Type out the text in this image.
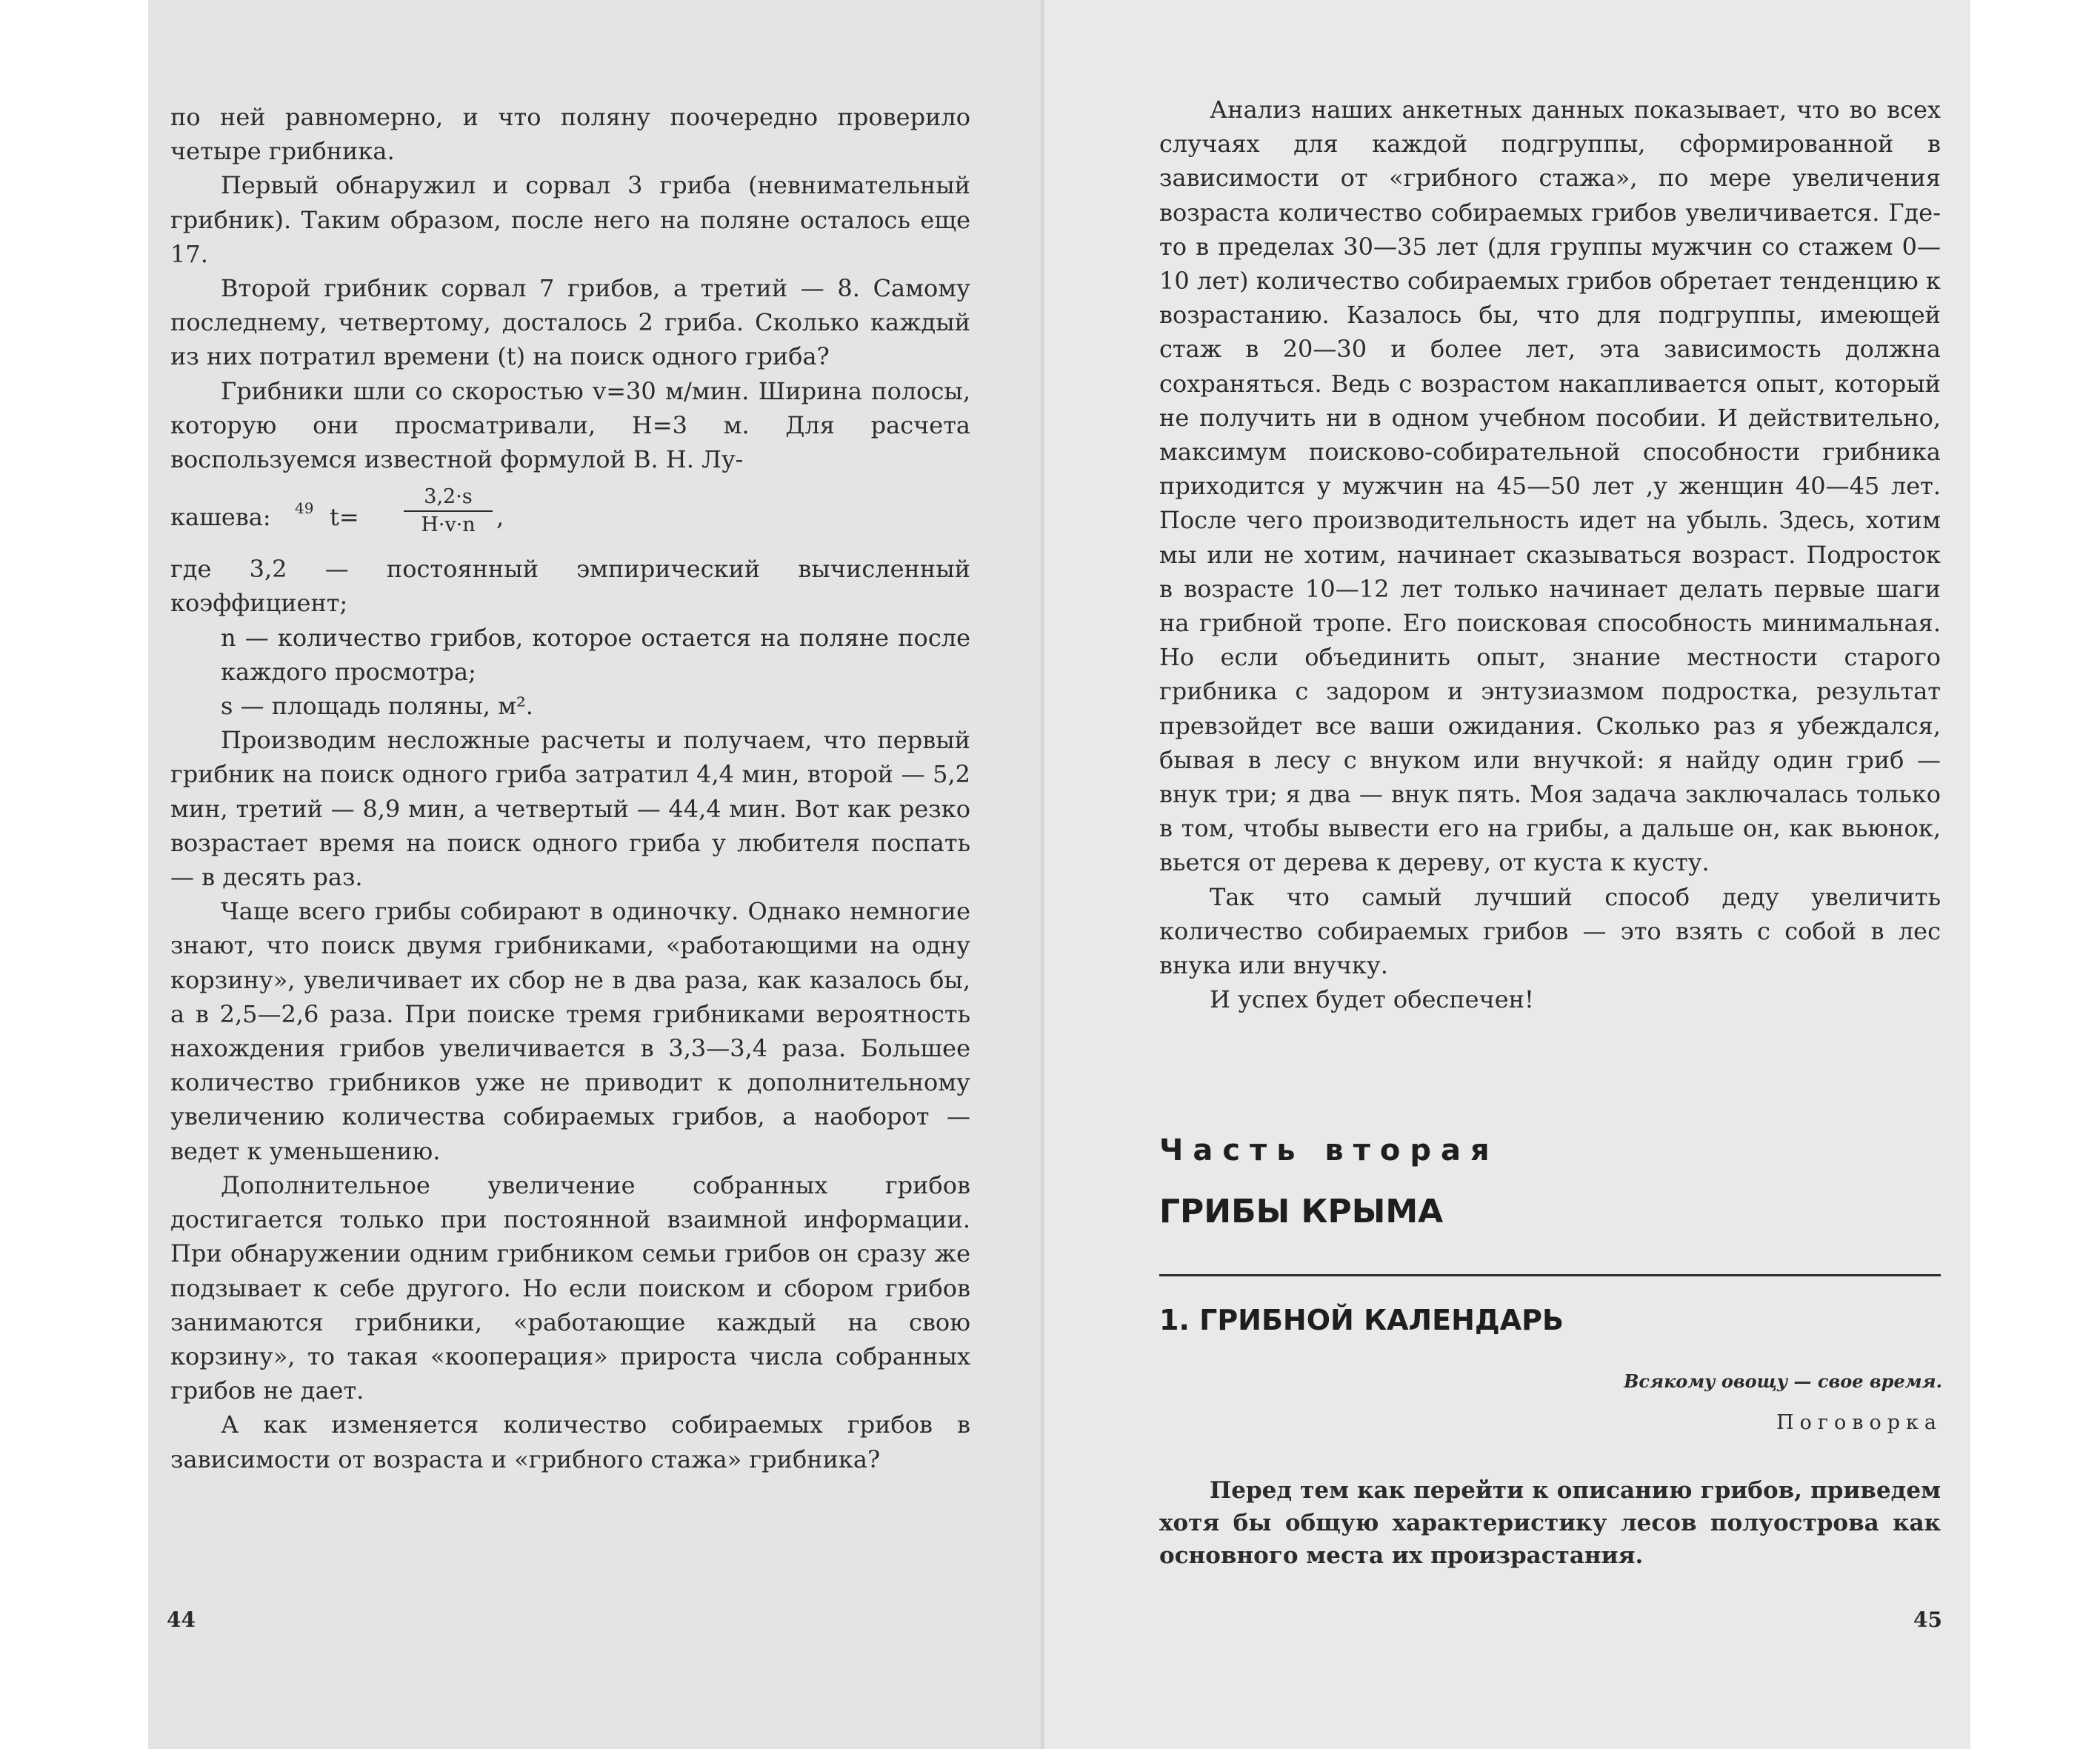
по ней равномерно, и что поляну поочередно проверило четыре грибника.

Первый обнаружил и сорвал 3 гриба (невнимательный грибник). Таким образом, после него на поляне осталось еще 17.

Второй грибник сорвал 7 грибов, а третий — 8. Самому последнему, четвертому, досталось 2 гриба. Сколько каждый из них потратил времени (t) на поиск одного гриба?

Грибники шли со скоростью v=30 м/мин. Ширина полосы, которую они просматривали, H=3 м. Для расчета воспользуемся известной формулой В. Н. Лу-

кашева: 49 $t= \frac{3,2\cdot s}{H\cdot v\cdot n}$ ,

где 3,2 — постоянный эмпирический вычисленный коэффициент;

n — количество грибов, которое остается на поляне после каждого просмотра;

s — площадь поляны, м².

Производим несложные расчеты и получаем, что первый грибник на поиск одного гриба затратил 4,4 мин, второй — 5,2 мин, третий — 8,9 мин, а четвертый — 44,4 мин. Вот как резко возрастает время на поиск одного гриба у любителя поспать — в десять раз.

Чаще всего грибы собирают в одиночку. Однако немногие знают, что поиск двумя грибниками, «работающими на одну корзину», увеличивает их сбор не в два раза, как казалось бы, а в 2,5—2,6 раза. При поиске тремя грибниками вероятность нахождения грибов увеличивается в 3,3—3,4 раза. Большее количество грибников уже не приводит к дополнительному увеличению количества собираемых грибов, а наоборот — ведет к уменьшению.

Дополнительное увеличение собранных грибов достигается только при постоянной взаимной информации. При обнаружении одним грибником семьи грибов он сразу же подзывает к себе другого. Но если поиском и сбором грибов занимаются грибники, «работающие каждый на свою корзину», то такая «кооперация» прироста числа собранных грибов не дает.

А как изменяется количество собираемых грибов в зависимости от возраста и «грибного стажа» грибника?

44

Анализ наших анкетных данных показывает, что во всех случаях для каждой подгруппы, сформированной в зависимости от «грибного стажа», по мере увеличения возраста количество собираемых грибов увеличивается. Где-то в пределах 30—35 лет (для группы мужчин со стажем 0—10 лет) количество собираемых грибов обретает тенденцию к возрастанию. Казалось бы, что для подгруппы, имеющей стаж в 20—30 и более лет, эта зависимость должна сохраняться. Ведь с возрастом накапливается опыт, который не получить ни в одном учебном пособии. И действительно, максимум поисково-собирательной способности грибника приходится у мужчин на 45—50 лет ,у женщин 40—45 лет. После чего производительность идет на убыль. Здесь, хотим мы или не хотим, начинает сказываться возраст. Подросток в возрасте 10—12 лет только начинает делать первые шаги на грибной тропе. Его поисковая способность минимальная. Но если объединить опыт, знание местности старого грибника с задором и энтузиазмом подростка, результат превзойдет все ваши ожидания. Сколько раз я убеждался, бывая в лесу с внуком или внучкой: я найду один гриб — внук три; я два — внук пять. Моя задача заключалась только в том, чтобы вывести его на грибы, а дальше он, как вьюнок, вьется от дерева к дереву, от куста к кусту.

Так что самый лучший способ деду увеличить количество собираемых грибов — это взять с собой в лес внука или внучку.

И успех будет обеспечен!

Часть вторая
ГРИБЫ КРЫМА
1. ГРИБНОЙ КАЛЕНДАРЬ
Всякому овощу — свое время.
Поговорка
Перед тем как перейти к описанию грибов, приведем хотя бы общую характеристику лесов полуострова как основного места их произрастания.
45
